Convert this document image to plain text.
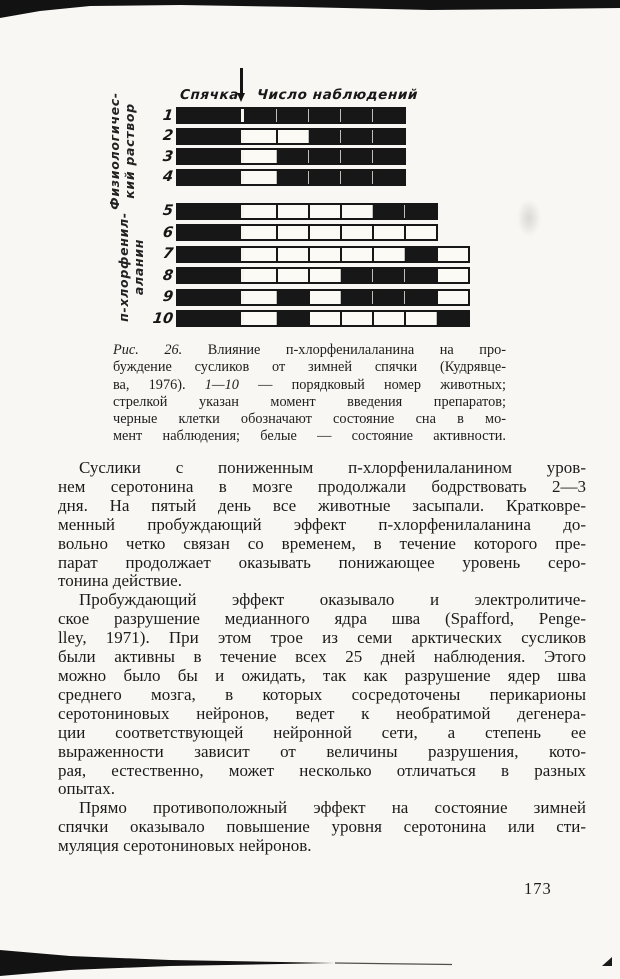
Спячка Число наблюдений
Физиологичес- кий раствор
п-хлорфенил- аланин
1
2
3
4
5
6
7
8
9
10
Рис. 26. Влияние п-хлорфенилаланина на про-
буждение сусликов от зимней спячки (Кудрявце-
ва, 1976). 1—10 — порядковый номер животных;
стрелкой указан момент введения препаратов;
черные клетки обозначают состояние сна в мо-
мент наблюдения; белые — состояние активности.
Суслики с пониженным п-хлорфенилаланином уров-
нем серотонина в мозге продолжали бодрствовать 2—3
дня. На пятый день все животные засыпали. Кратковре-
менный пробуждающий эффект п-хлорфенилаланина до-
вольно четко связан со временем, в течение которого пре-
парат продолжает оказывать понижающее уровень серо-
тонина действие.
Пробуждающий эффект оказывало и электролитиче-
ское разрушение медианного ядра шва (Spafford, Penge-
lley, 1971). При этом трое из семи арктических сусликов
были активны в течение всех 25 дней наблюдения. Этого
можно было бы и ожидать, так как разрушение ядер шва
среднего мозга, в которых сосредоточены перикарионы
серотониновых нейронов, ведет к необратимой дегенера-
ции соответствующей нейронной сети, а степень ее
выраженности зависит от величины разрушения, кото-
рая, естественно, может несколько отличаться в разных
опытах.
Прямо противоположный эффект на состояние зимней
спячки оказывало повышение уровня серотонина или сти-
муляция серотониновых нейронов.
173
